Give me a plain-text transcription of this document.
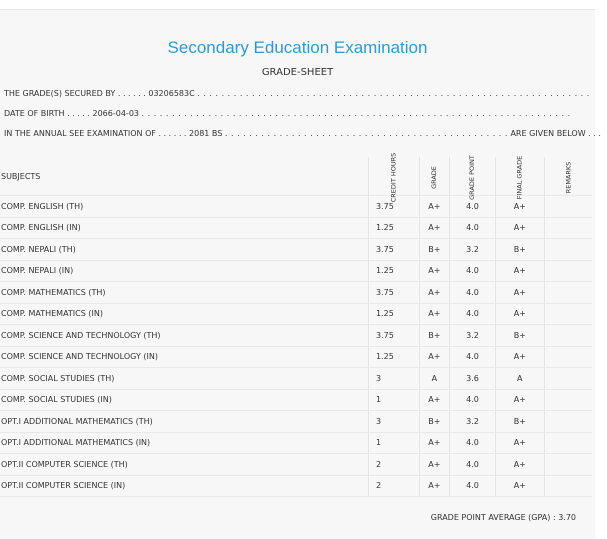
Secondary Education Examination
GRADE-SHEET
THE GRADE(S) SECURED BY . . . . . . 03206583C . . . . . . . . . . . . . . . . . . . . . . . . . . . . . . . . . . . . . . . . . . . . . . . . . . . . . . . . . . . . . . . . .
DATE OF BIRTH . . . . . 2066-04-03 . . . . . . . . . . . . . . . . . . . . . . . . . . . . . . . . . . . . . . . . . . . . . . . . . . . . . . . . . . . . . . . . . . . . . . .
IN THE ANNUAL SEE EXAMINATION OF . . . . . . 2081 BS . . . . . . . . . . . . . . . . . . . . . . . . . . . . . . . . . . . . . . . . . . . . . . . ARE GIVEN BELOW . . .
SUBJECTS	CREDIT HOURS	GRADE	GRADE POINT	FINAL GRADE	REMARKS
COMP. ENGLISH (TH)	3.75	A+	4.0	A+	
COMP. ENGLISH (IN)	1.25	A+	4.0	A+	
COMP. NEPALI (TH)	3.75	B+	3.2	B+	
COMP. NEPALI (IN)	1.25	A+	4.0	A+	
COMP. MATHEMATICS (TH)	3.75	A+	4.0	A+	
COMP. MATHEMATICS (IN)	1.25	A+	4.0	A+	
COMP. SCIENCE AND TECHNOLOGY (TH)	3.75	B+	3.2	B+	
COMP. SCIENCE AND TECHNOLOGY (IN)	1.25	A+	4.0	A+	
COMP. SOCIAL STUDIES (TH)	3	A	3.6	A	
COMP. SOCIAL STUDIES (IN)	1	A+	4.0	A+	
OPT.I ADDITIONAL MATHEMATICS (TH)	3	B+	3.2	B+	
OPT.I ADDITIONAL MATHEMATICS (IN)	1	A+	4.0	A+	
OPT.II COMPUTER SCIENCE (TH)	2	A+	4.0	A+	
OPT.II COMPUTER SCIENCE (IN)	2	A+	4.0	A+	
GRADE POINT AVERAGE (GPA) : 3.70
